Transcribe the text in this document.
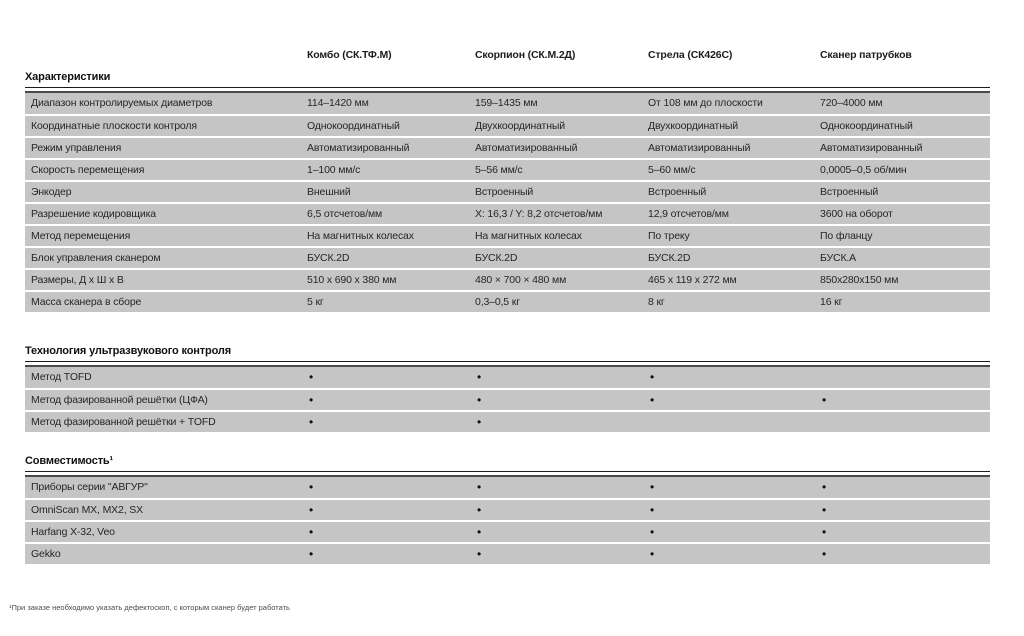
Комбо (СК.ТФ.М)	Скорпион (СК.М.2Д)	Стрела (СК426С)	Сканер патрубков
Характеристики
Диапазон контролируемых диаметров	114–1420 мм	159–1435 мм	От 108 мм до плоскости	720–4000 мм
Координатные плоскости контроля	Однокоординатный	Двухкоординатный	Двухкоординатный	Однокоординатный
Режим управления	Автоматизированный	Автоматизированный	Автоматизированный	Автоматизированный
Скорость перемещения	1–100 мм/с	5–56 мм/с	5–60 мм/с	0,0005–0,5 об/мин
Энкодер	Внешний	Встроенный	Встроенный	Встроенный
Разрешение кодировщика	6,5 отсчетов/мм	X: 16,3 / Y: 8,2 отсчетов/мм	12,9 отсчетов/мм	3600 на оборот
Метод перемещения	На магнитных колесах	На магнитных колесах	По треку	По фланцу
Блок управления сканером	БУСК.2D	БУСК.2D	БУСК.2D	БУСК.А
Размеры, Д х Ш х В	510 x 690 x 380 мм	480 × 700 × 480 мм	465 x 119 x 272 мм	850x280x150 мм
Масса сканера в сборе	5 кг	0,3–0,5 кг	8 кг	16 кг
Технология ультразвукового контроля
Метод TOFD	•	•	•
Метод фазированной решётки (ЦФА)	•	•	•	•
Метод фазированной решётки + TOFD	•	•
Совместимость¹
Приборы серии "АВГУР"	•	•	•	•
OmniScan MX, MX2, SX	•	•	•	•
Harfang X-32, Veo	•	•	•	•
Gekko	•	•	•	•
¹При заказе необходимо указать дефектоскоп, с которым сканер будет работать
